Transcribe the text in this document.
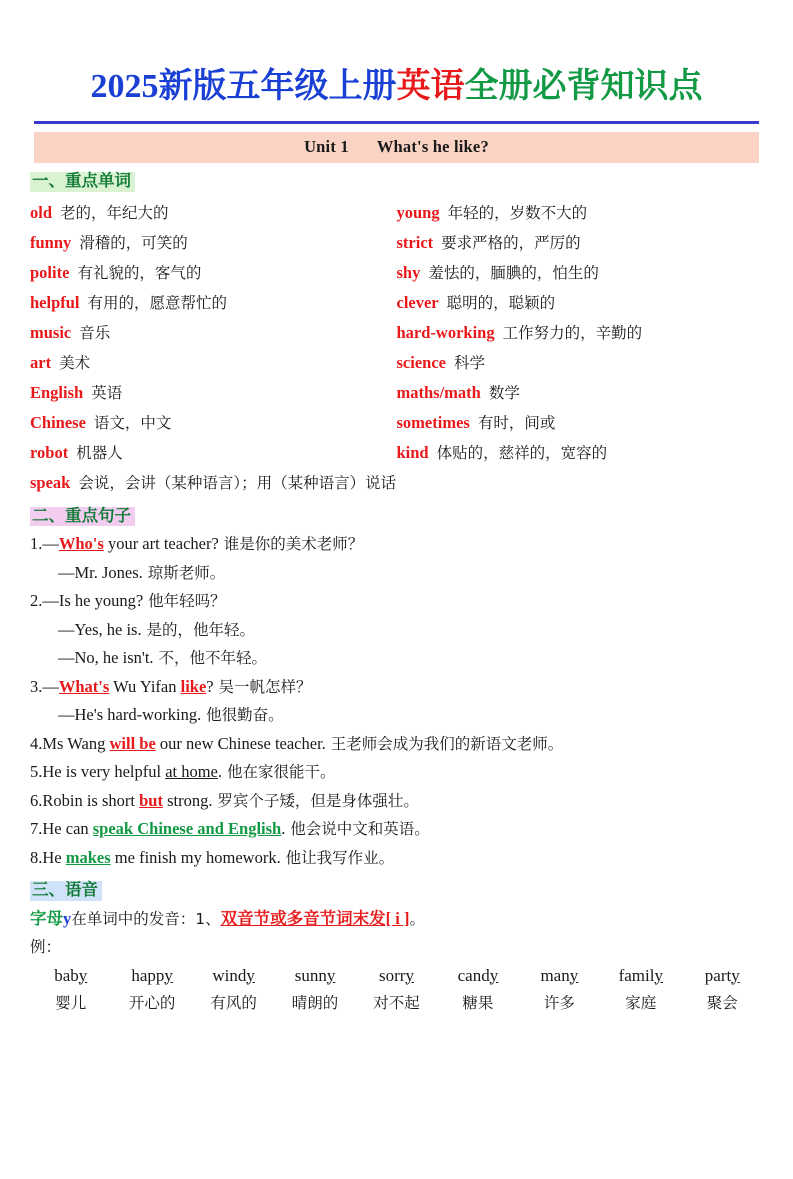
2025新版五年级上册英语全册必背知识点
Unit 1 What's he like?
一、重点单词
old 老的，年纪大的	young 年轻的，岁数不大的
funny 滑稽的，可笑的	strict 要求严格的，严厉的
polite 有礼貌的，客气的	shy 羞怯的，腼腆的，怕生的
helpful 有用的，愿意帮忙的	clever 聪明的，聪颖的
music 音乐	hard-working 工作努力的，辛勤的
art 美术	science 科学
English 英语	maths/math 数学
Chinese 语文，中文	sometimes 有时，间或
robot 机器人	kind 体贴的，慈祥的，宽容的
speak 会说，会讲（某种语言）；用（某种语言）说话
二、重点句子
1.—Who's your art teacher? 谁是你的美术老师？
—Mr. Jones. 琼斯老师。
2.—Is he young? 他年轻吗？
—Yes, he is. 是的，他年轻。
—No, he isn't. 不，他不年轻。
3.—What's Wu Yifan like? 吴一帆怎样？
—He's hard-working. 他很勤奋。
4.Ms Wang will be our new Chinese teacher. 王老师会成为我们的新语文老师。
5.He is very helpful at home. 他在家很能干。
6.Robin is short but strong. 罗宾个子矮，但是身体强壮。
7.He can speak Chinese and English. 他会说中文和英语。
8.He makes me finish my homework. 他让我写作业。
三、语音
字母y在单词中的发音：1、双音节或多音节词末发[ i ]。
例：
baby	happy	windy	sunny	sorry	candy	many	family	party
婴儿	开心的	有风的	晴朗的	对不起	糖果	许多	家庭	聚会
